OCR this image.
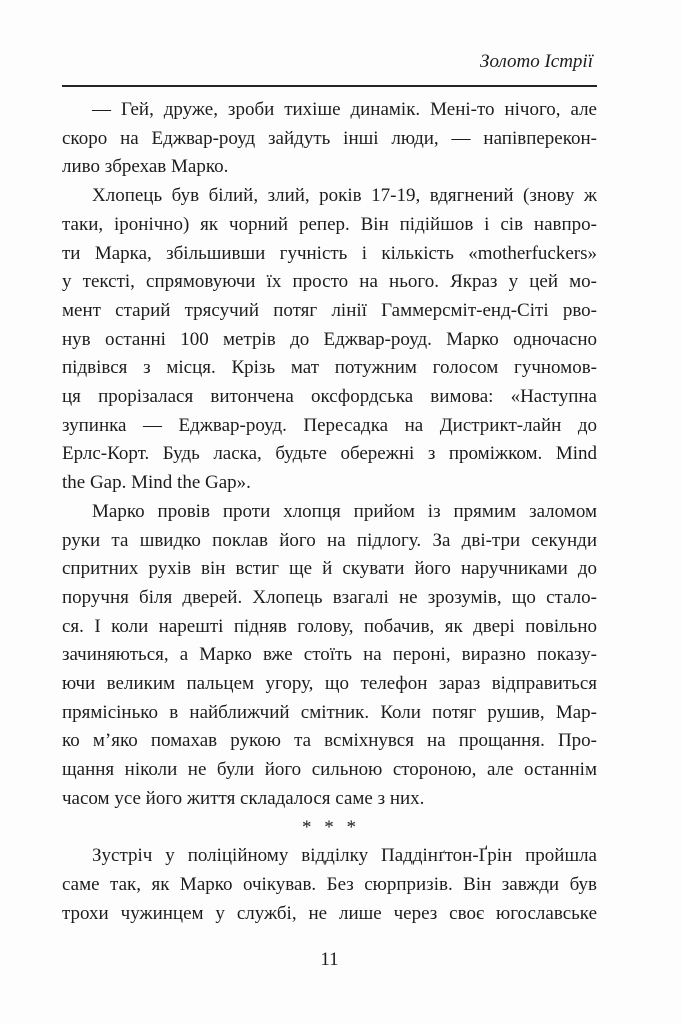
Золото Істрії
— Гей, друже, зроби тихіше динамік. Мені-то нічого, але
скоро на Еджвар-роуд зайдуть інші люди, — напівперекон-
ливо збрехав Марко.
Хлопець був білий, злий, років 17-19, вдягнений (знову ж
таки, іронічно) як чорний репер. Він підійшов і сів навпро-
ти Марка, збільшивши гучність і кількість «motherfuckers»
у тексті, спрямовуючи їх просто на нього. Якраз у цей мо-
мент старий трясучий потяг лінії Гаммерсміт-енд-Сіті рво-
нув останні 100 метрів до Еджвар-роуд. Марко одночасно
підвівся з місця. Крізь мат потужним голосом гучномов-
ця прорізалася витончена оксфордська вимова: «Наступна
зупинка — Еджвар-роуд. Пересадка на Дистрикт-лайн до
Ерлс-Корт. Будь ласка, будьте обережні з проміжком. Mind
the Gap. Mind the Gap».
Марко провів проти хлопця прийом із прямим заломом
руки та швидко поклав його на підлогу. За дві-три секунди
спритних рухів він встиг ще й скувати його наручниками до
поручня біля дверей. Хлопець взагалі не зрозумів, що стало-
ся. І коли нарешті підняв голову, побачив, як двері повільно
зачиняються, а Марко вже стоїть на пероні, виразно показу-
ючи великим пальцем угору, що телефон зараз відправиться
прямісінько в найближчий смітник. Коли потяг рушив, Мар-
ко м’яко помахав рукою та всміхнувся на прощання. Про-
щання ніколи не були його сильною стороною, але останнім
часом усе його життя складалося саме з них.
* * *
Зустріч у поліційному відділку Паддінґтон-Ґрін пройшла
саме так, як Марко очікував. Без сюрпризів. Він завжди був
трохи чужинцем у службі, не лише через своє югославське
11
